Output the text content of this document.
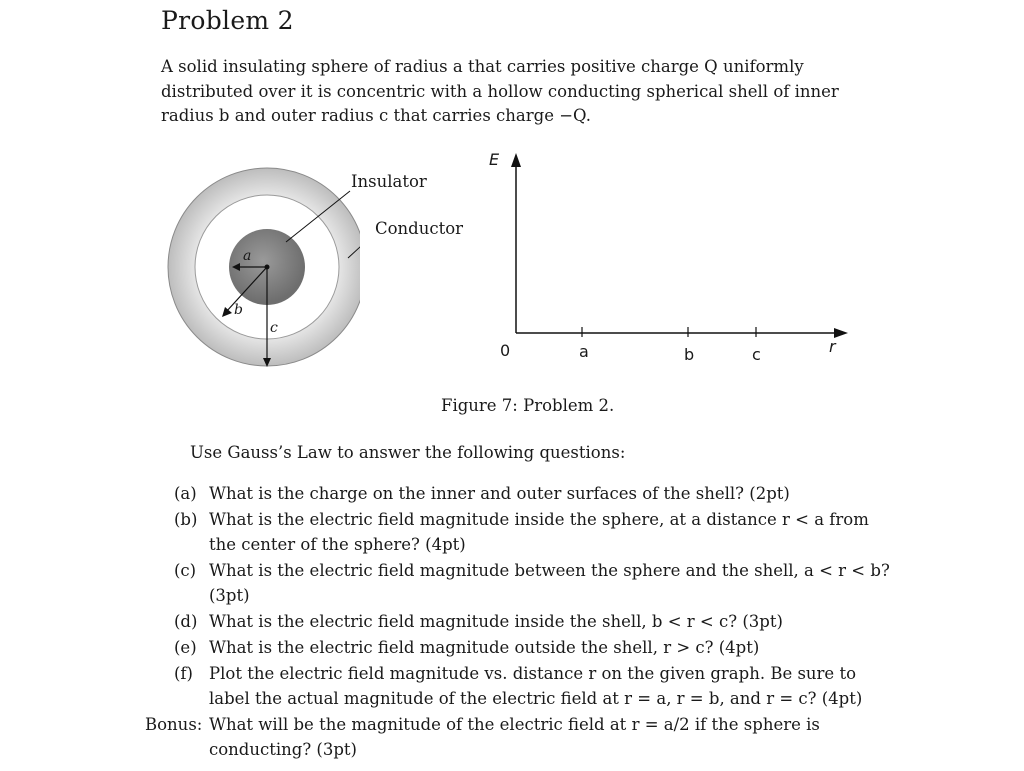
Problem 2
A solid insulating sphere of radius a that carries positive charge Q uniformly distributed over it is concentric with a hollow conducting spherical shell of inner radius b and outer radius c that carries charge −Q.
Insulator
Conductor
a
b
c
E
0	a	b	c	r
Figure 7: Problem 2.
Use Gauss’s Law to answer the following questions:
(a) What is the charge on the inner and outer surfaces of the shell? (2pt)
(b) What is the electric field magnitude inside the sphere, at a distance r < a from the center of the sphere? (4pt)
(c) What is the electric field magnitude between the sphere and the shell, a < r < b? (3pt)
(d) What is the electric field magnitude inside the shell, b < r < c? (3pt)
(e) What is the electric field magnitude outside the shell, r > c? (4pt)
(f) Plot the electric field magnitude vs. distance r on the given graph. Be sure to label the actual magnitude of the electric field at r = a, r = b, and r = c? (4pt)
Bonus: What will be the magnitude of the electric field at r = a/2 if the sphere is conducting? (3pt)
